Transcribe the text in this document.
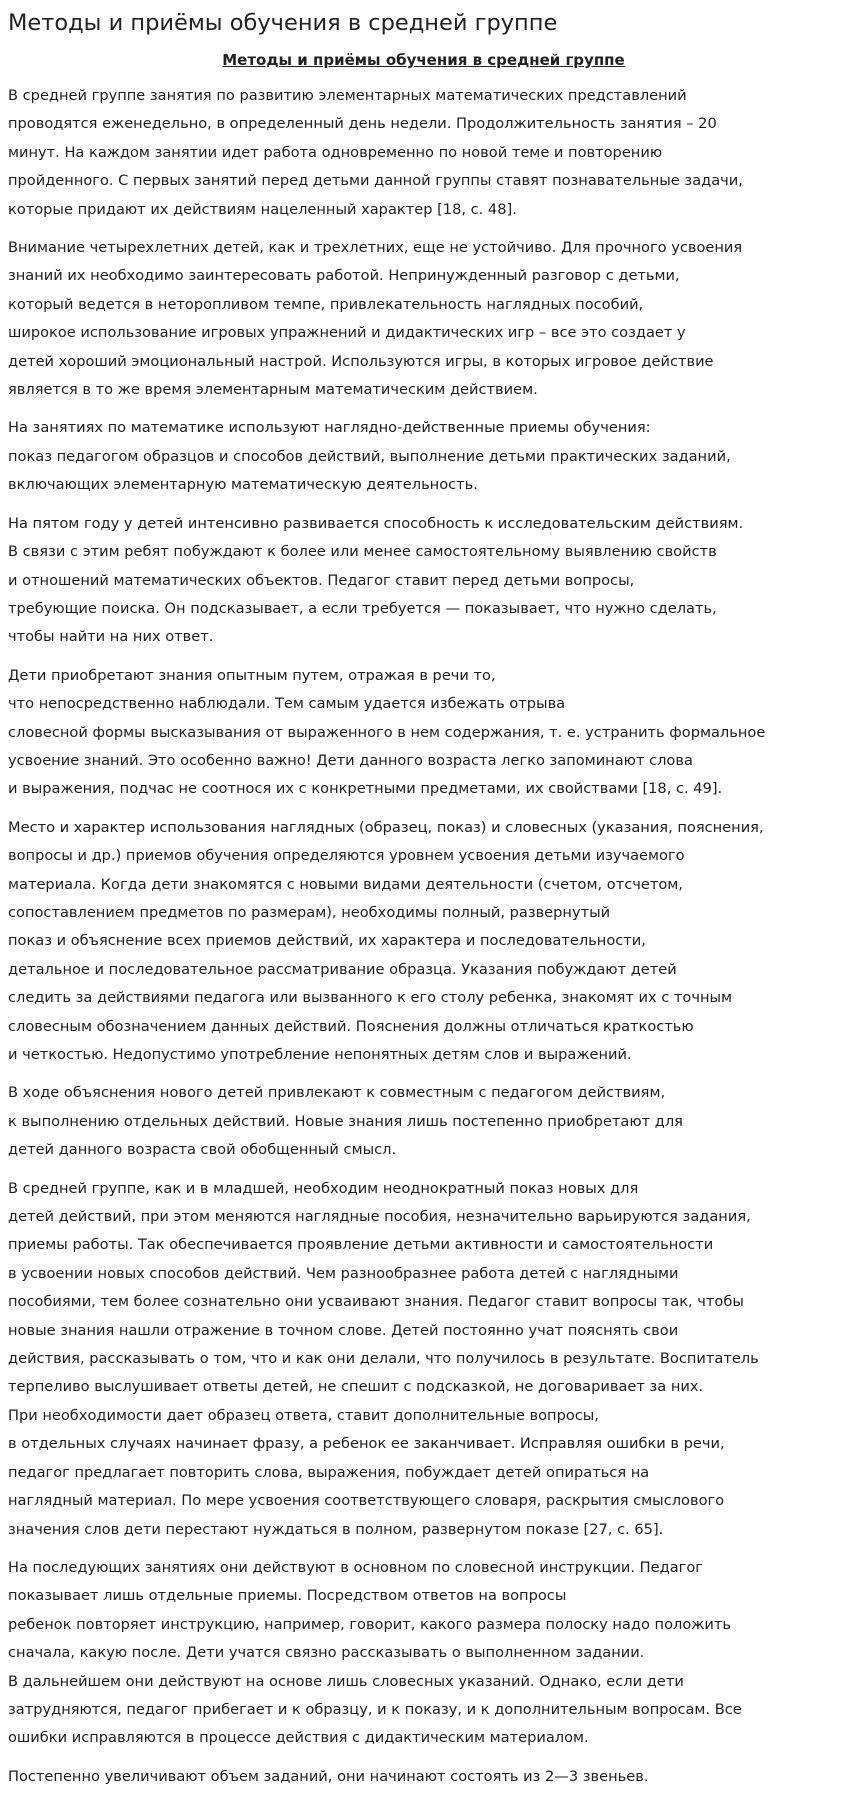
Методы и приёмы обучения в средней группе
Методы и приёмы обучения в средней группе

В средней группе занятия по развитию элементарных математических представлений
проводятся еженедельно, в определенный день недели. Продолжительность занятия – 20
минут. На каждом занятии идет работа одновременно по новой теме и повторению
пройденного. С первых занятий перед детьми данной группы ставят познавательные задачи,
которые придают их действиям нацеленный характер [18, с. 48].

Внимание четырехлетних детей, как и трехлетних, еще не устойчиво. Для прочного усвоения
знаний их необходимо заинтересовать работой. Непринужденный разговор с детьми,
который ведется в неторопливом темпе, привлекательность наглядных пособий,
широкое использование игровых упражнений и дидактических игр – все это создает у
детей хороший эмоциональный настрой. Используются игры, в которых игровое действие
является в то же время элементарным математическим действием.

На занятиях по математике используют наглядно-действенные приемы обучения:
показ педагогом образцов и способов действий, выполнение детьми практических заданий,
включающих элементарную математическую деятельность.

На пятом году у детей интенсивно развивается способность к исследовательским действиям.
В связи с этим ребят побуждают к более или менее самостоятельному выявлению свойств
и отношений математических объектов. Педагог ставит перед детьми вопросы,
требующие поиска. Он подсказывает, а если требуется — показывает, что нужно сделать,
чтобы найти на них ответ.

Дети приобретают знания опытным путем, отражая в речи то,
что непосредственно наблюдали. Тем самым удается избежать отрыва
словесной формы высказывания от выраженного в нем содержания, т. е. устранить формальное
усвоение знаний. Это особенно важно! Дети данного возраста легко запоминают слова
и выражения, подчас не соотнося их с конкретными предметами, их свойствами [18, с. 49].

Место и характер использования наглядных (образец, показ) и словесных (указания, пояснения,
вопросы и др.) приемов обучения определяются уровнем усвоения детьми изучаемого
материала. Когда дети знакомятся с новыми видами деятельности (счетом, отсчетом,
сопоставлением предметов по размерам), необходимы полный, развернутый
показ и объяснение всех приемов действий, их характера и последовательности,
детальное и последовательное рассматривание образца. Указания побуждают детей
следить за действиями педагога или вызванного к его столу ребенка, знакомят их с точным
словесным обозначением данных действий. Пояснения должны отличаться краткостью
и четкостью. Недопустимо употребление непонятных детям слов и выражений.

В ходе объяснения нового детей привлекают к совместным с педагогом действиям,
к выполнению отдельных действий. Новые знания лишь постепенно приобретают для
детей данного возраста свой обобщенный смысл.

В средней группе, как и в младшей, необходим неоднократный показ новых для
детей действий, при этом меняются наглядные пособия, незначительно варьируются задания,
приемы работы. Так обеспечивается проявление детьми активности и самостоятельности
в усвоении новых способов действий. Чем разнообразнее работа детей с наглядными
пособиями, тем более сознательно они усваивают знания. Педагог ставит вопросы так, чтобы
новые знания нашли отражение в точном слове. Детей постоянно учат пояснять свои
действия, рассказывать о том, что и как они делали, что получилось в результате. Воспитатель
терпеливо выслушивает ответы детей, не спешит с подсказкой, не договаривает за них.
При необходимости дает образец ответа, ставит дополнительные вопросы,
в отдельных случаях начинает фразу, а ребенок ее заканчивает. Исправляя ошибки в речи,
педагог предлагает повторить слова, выражения, побуждает детей опираться на
наглядный материал. По мере усвоения соответствующего словаря, раскрытия смыслового
значения слов дети перестают нуждаться в полном, развернутом показе [27, с. 65].

На последующих занятиях они действуют в основном по словесной инструкции. Педагог
показывает лишь отдельные приемы. Посредством ответов на вопросы
ребенок повторяет инструкцию, например, говорит, какого размера полоску надо положить
сначала, какую после. Дети учатся связно рассказывать о выполненном задании.
В дальнейшем они действуют на основе лишь словесных указаний. Однако, если дети
затрудняются, педагог прибегает и к образцу, и к показу, и к дополнительным вопросам. Все
ошибки исправляются в процессе действия с дидактическим материалом.

Постепенно увеличивают объем заданий, они начинают состоять из 2—3 звеньев.
